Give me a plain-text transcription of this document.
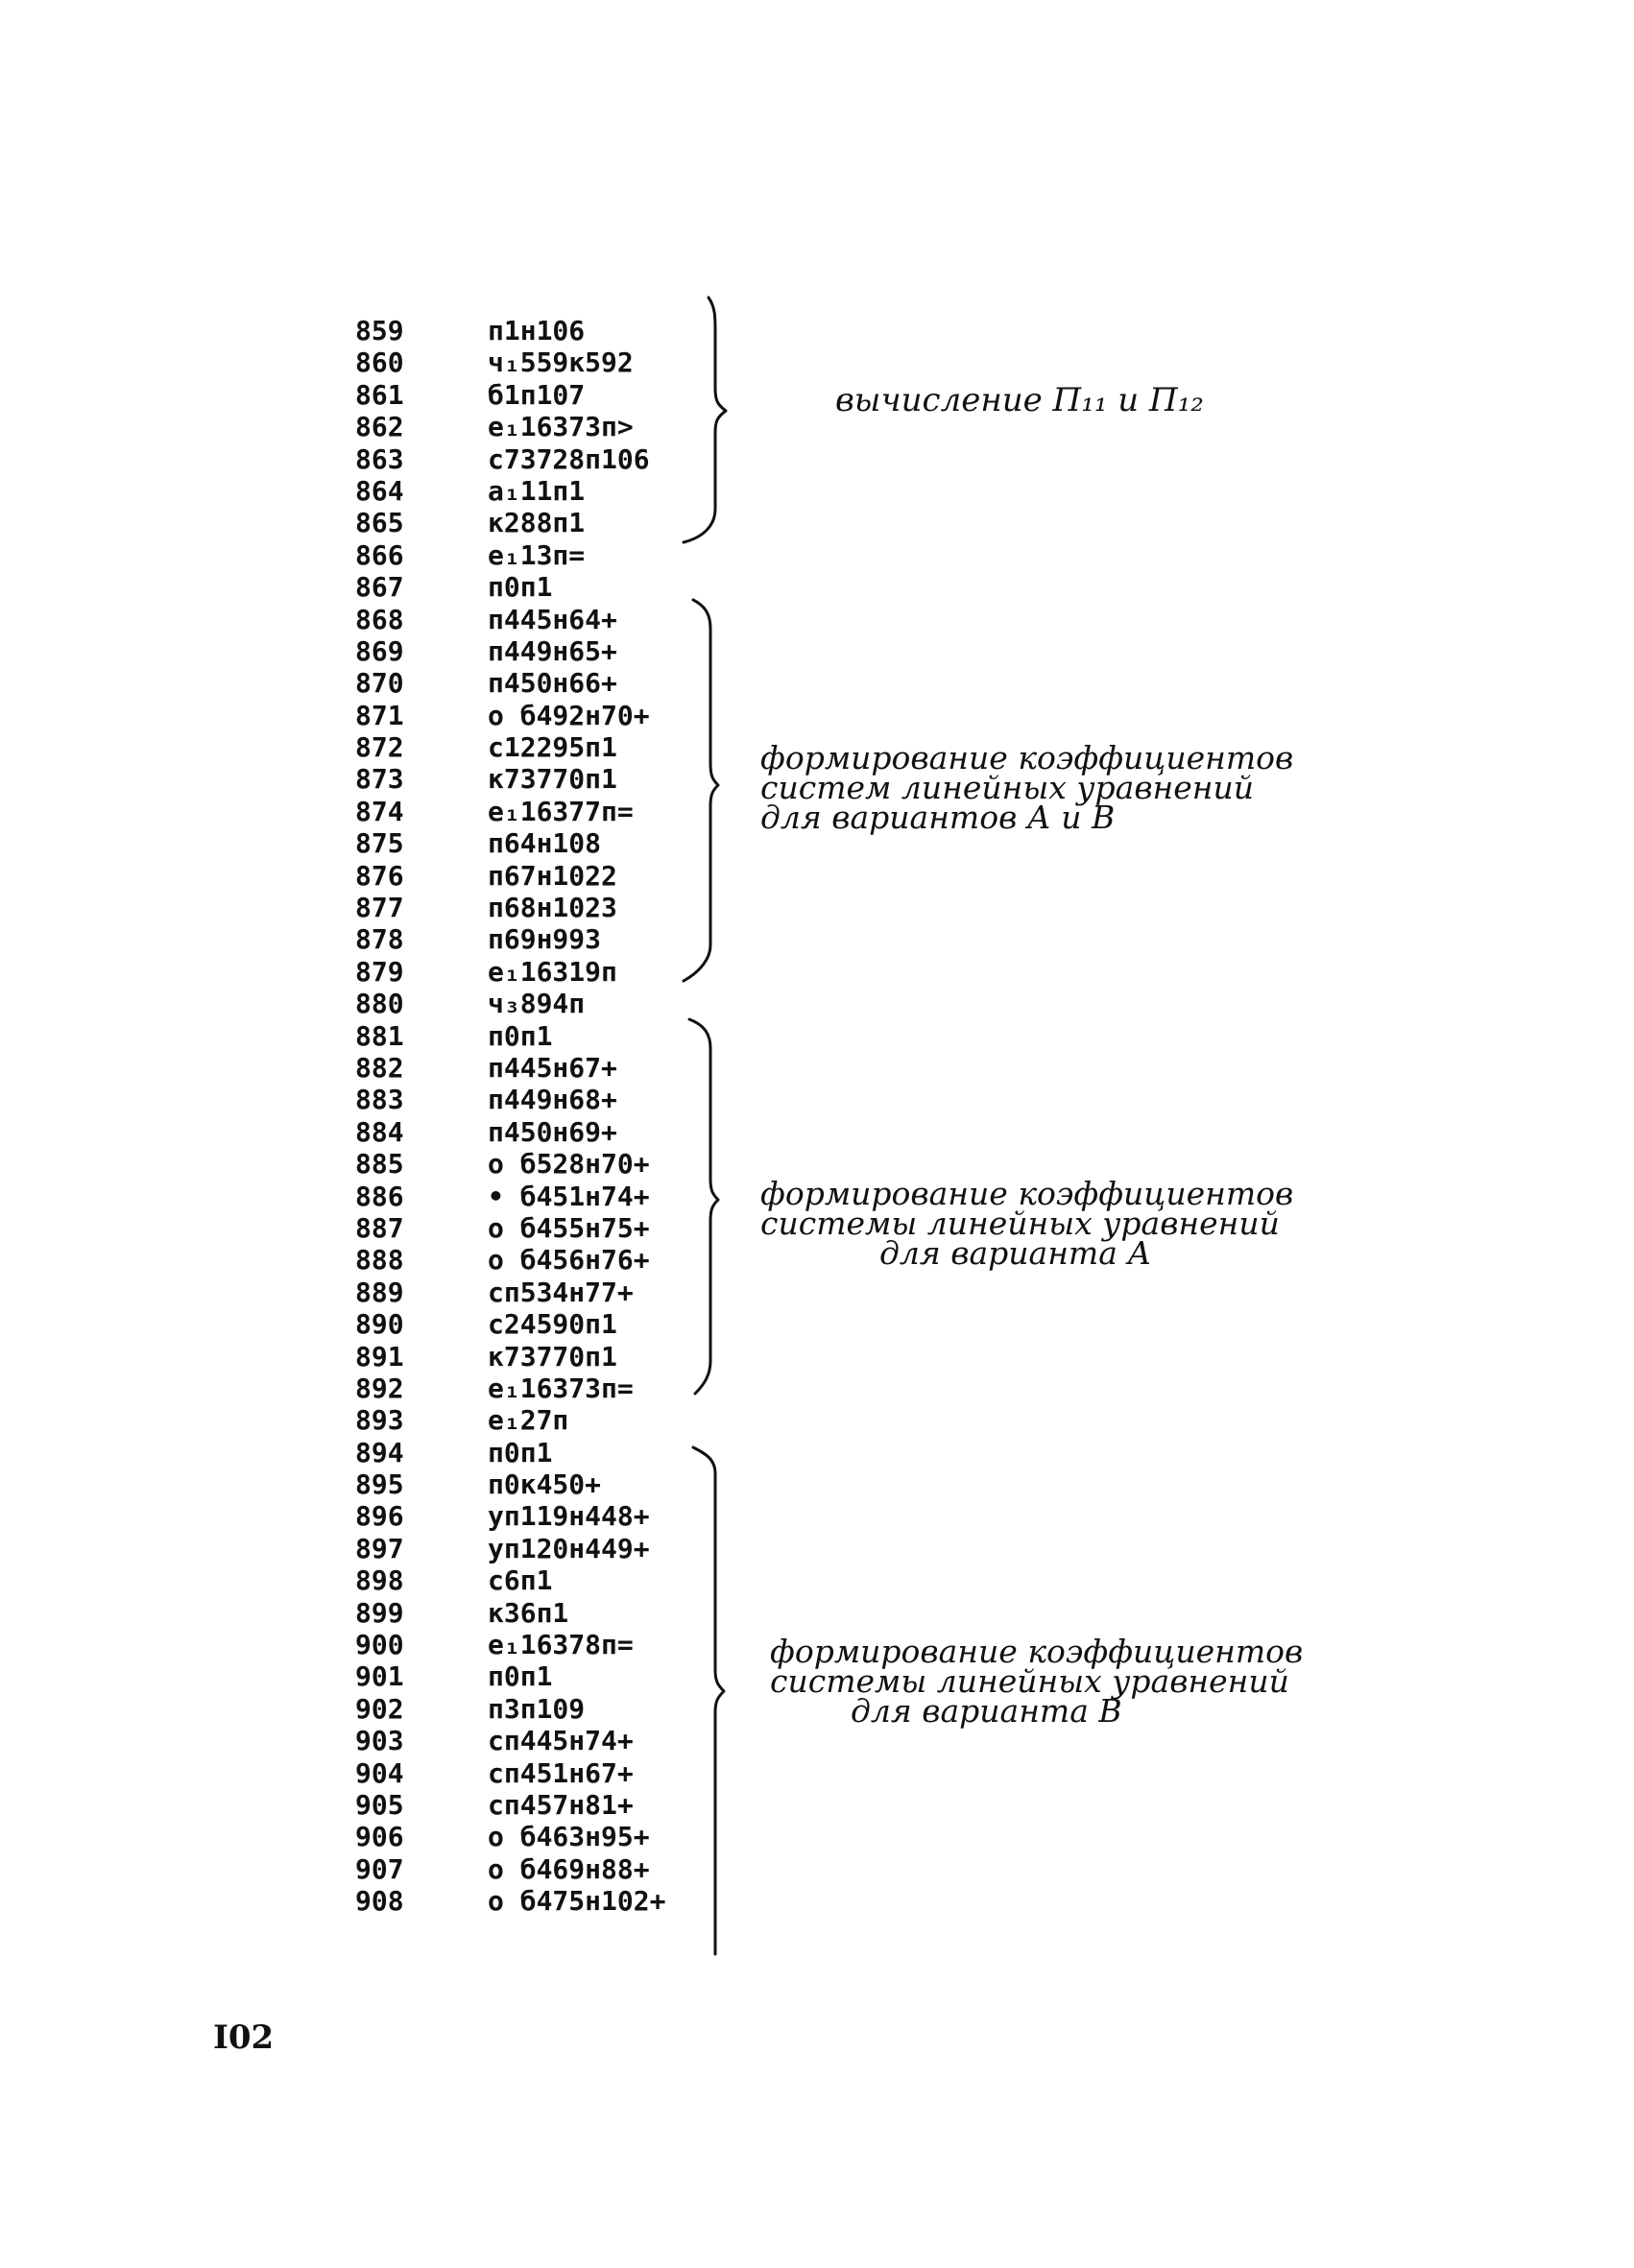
859	п1н106
860	ч₁559к592
861	б1п107
862	е₁16373п>
863	с73728п106
864	а₁11п1
865	к288п1
866	е₁13п=
867	п0п1
868	п445н64+
869	п449н65+
870	п450н66+
871	о б492н70+
872	с12295п1
873	к73770п1
874	е₁16377п=
875	п64н108
876	п67н1022
877	п68н1023
878	п69н993
879	е₁16319п
880	ч₃894п
881	п0п1
882	п445н67+
883	п449н68+
884	п450н69+
885	о б528н70+
886	• б451н74+
887	о б455н75+
888	о б456н76+
889	сп534н77+
890	с24590п1
891	к73770п1
892	е₁16373п=
893	е₁27п
894	п0п1
895	п0к450+
896	уп119н448+
897	уп120н449+
898	с6п1
899	к36п1
900	е₁16378п=
901	п0п1
902	п3п109
903	сп445н74+
904	сп451н67+
905	сп457н81+
906	о б463н95+
907	о б469н88+
908	о б475н102+
вычисление Π₁₁ и Π₁₂
формирование коэффициентов
систем линейных уравнений
для вариантов А и В
формирование коэффициентов
системы линейных уравнений
для варианта А
формирование коэффициентов
системы линейных уравнений
для варианта В
I02
